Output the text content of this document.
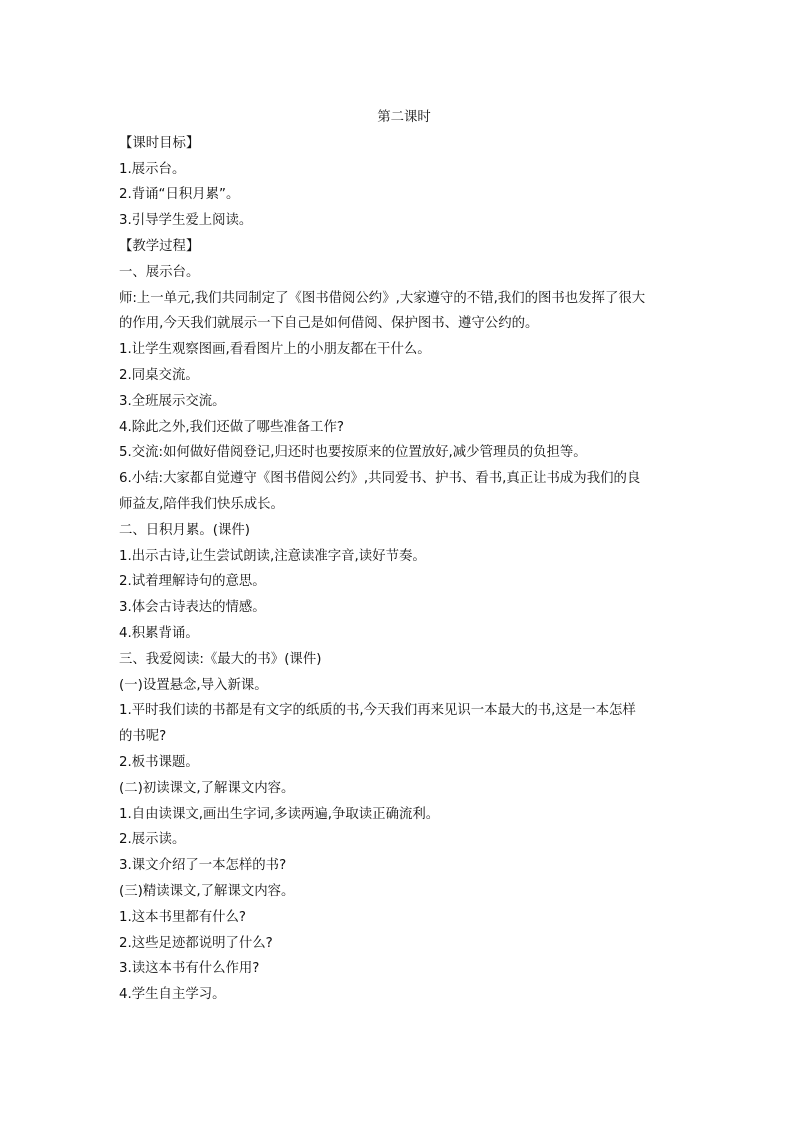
第二课时
【课时目标】
1.展示台。
2.背诵“日积月累”。
3.引导学生爱上阅读。
【教学过程】
一、展示台。
师:上一单元,我们共同制定了《图书借阅公约》,大家遵守的不错,我们的图书也发挥了很大
的作用,今天我们就展示一下自己是如何借阅、保护图书、遵守公约的。
1.让学生观察图画,看看图片上的小朋友都在干什么。
2.同桌交流。
3.全班展示交流。
4.除此之外,我们还做了哪些准备工作?
5.交流:如何做好借阅登记,归还时也要按原来的位置放好,减少管理员的负担等。
6.小结:大家都自觉遵守《图书借阅公约》,共同爱书、护书、看书,真正让书成为我们的良
师益友,陪伴我们快乐成长。
二、日积月累。(课件)
1.出示古诗,让生尝试朗读,注意读准字音,读好节奏。
2.试着理解诗句的意思。
3.体会古诗表达的情感。
4.积累背诵。
三、我爱阅读:《最大的书》(课件)
(一)设置悬念,导入新课。
1.平时我们读的书都是有文字的纸质的书,今天我们再来见识一本最大的书,这是一本怎样
的书呢?
2.板书课题。
(二)初读课文,了解课文内容。
1.自由读课文,画出生字词,多读两遍,争取读正确流利。
2.展示读。
3.课文介绍了一本怎样的书?
(三)精读课文,了解课文内容。
1.这本书里都有什么?
2.这些足迹都说明了什么?
3.读这本书有什么作用?
4.学生自主学习。
